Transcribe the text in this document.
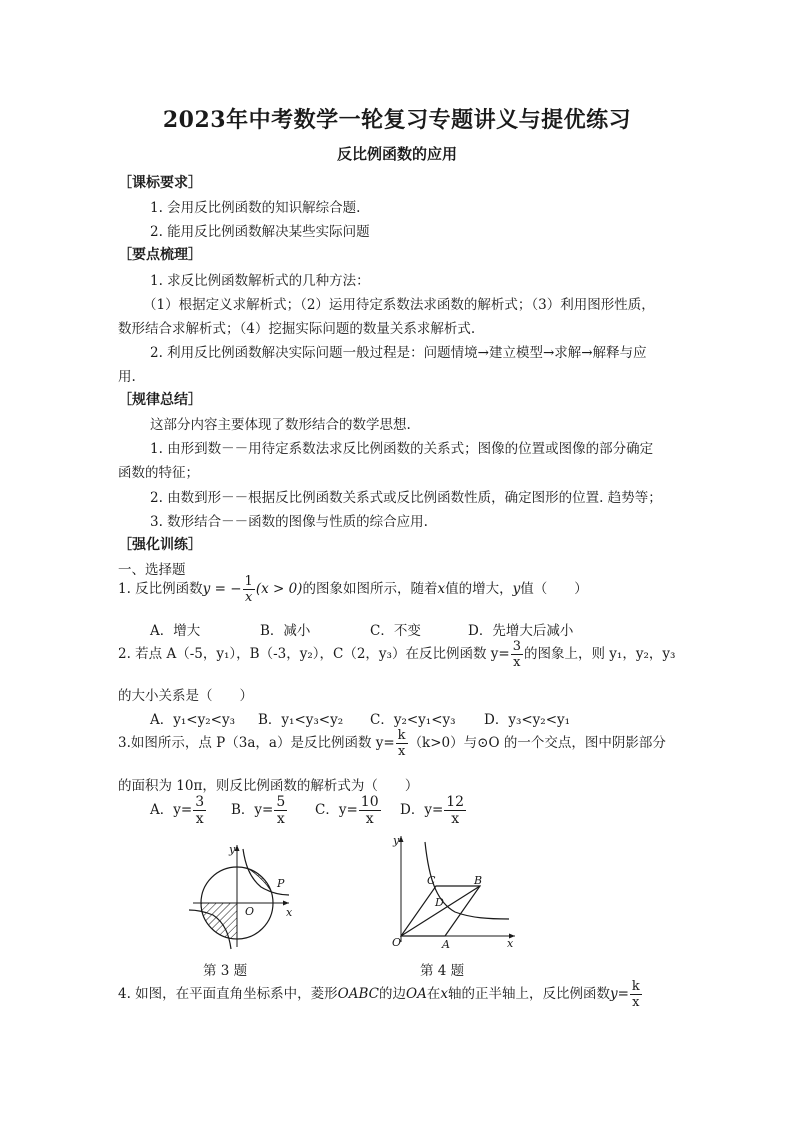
2023年中考数学一轮复习专题讲义与提优练习
反比例函数的应用
［课标要求］
1. 会用反比例函数的知识解综合题.
2. 能用反比例函数解决某些实际问题
［要点梳理］
1. 求反比例函数解析式的几种方法：
（1）根据定义求解析式；（2）运用待定系数法求函数的解析式；（3）利用图形性质，
数形结合求解析式；（4）挖掘实际问题的数量关系求解析式.
2. 利用反比例函数解决实际问题一般过程是：问题情境→建立模型→求解→解释与应
用.
［规律总结］
这部分内容主要体现了数形结合的数学思想.
1. 由形到数－－用待定系数法求反比例函数的关系式；图像的位置或图像的部分确定
函数的特征；
2. 由数到形－－根据反比例函数关系式或反比例函数性质，确定图形的位置. 趋势等；
3. 数形结合－－函数的图像与性质的综合应用.
［强化训练］
一、选择题
1. 反比例函数y = − $\frac{1}{x} (x > 0)$的图象如图所示，随着x值的增大，y值（　　）
A．增大	B．减小	C．不变	D．先增大后减小
2. 若点 A（-5，y₁），B（-3，y₂），C（2，y₃）在反比例函数 $y= \frac{3}{x}$ 的图象上，则 y₁，y₂，y₃
的大小关系是（　　）
A．y₁<y₂<y₃ B．y₁<y₃<y₂ C．y₂<y₁<y₃ D．y₃<y₂<y₁
3.如图所示，点 P（3a，a）是反比例函数 $y= \frac{k}{x} (k>0)$与⊙O 的一个交点，图中阴影部分
的面积为 10π，则反比例函数的解析式为（　　）
A．$y= \frac{3}{x}$ B．$y= \frac{5}{x}$ C．$y= \frac{10}{x}$ D．$y= \frac{12}{x}$
y
x
O
P
第 3 题
y
x
O	A
B
C
D
第 4 题
4. 如图，在平面直角坐标系中，菱形OABC的边OA在x轴的正半轴上，反比例函数$y= \frac{k}{x}$
